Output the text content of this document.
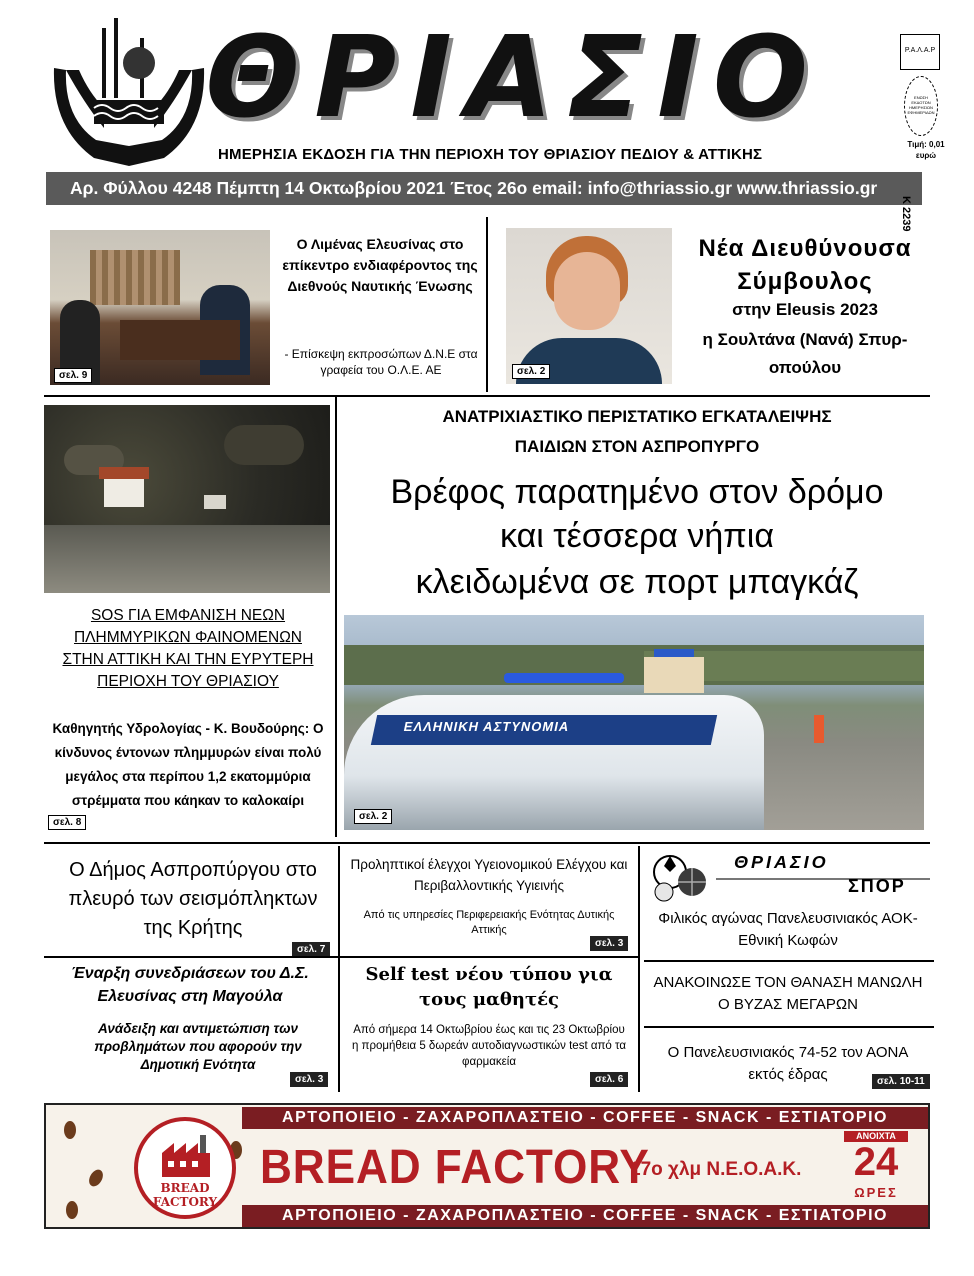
ΘΡΙΑΣΙΟ	Ρ.Α.Λ.Α.Ρ
ΕΝΩΣΗ ΕΚΔΟΤΩΝ ΗΜΕΡΗΣΙΩΝ ΕΦΗΜΕΡΙΔΩΝ
Τιμή: 0,01
ευρώ
ΗΜΕΡΗΣΙΑ ΕΚΔΟΣΗ ΓΙΑ ΤΗΝ ΠΕΡΙΟΧΗ ΤΟΥ ΘΡΙΑΣΙΟΥ ΠΕΔΙΟΥ & ΑΤΤΙΚΗΣ
Αρ. Φύλλου 4248 Πέμπτη 14 Οκτωβρίου 2021 Έτος 26ο email: info@thriassio.gr www.thriassio.gr
Κ 2239
σελ. 9
Ο Λιμένας Ελευσίνας στο επίκεντρο ενδιαφέροντος της Διεθνούς Ναυτικής Ένωσης
- Επίσκεψη εκπροσώπων Δ.Ν.Ε στα γραφεία του Ο.Λ.Ε. ΑΕ	σελ. 2
Νέα Διευθύνουσα Σύμβουλος
στην Eleusis 2023
η Σουλτάνα (Νανά) Σπυρ-
οπούλου
SOS ΓΙΑ ΕΜΦΑΝΙΣΗ ΝΕΩΝ
ΠΛΗΜΜΥΡΙΚΩΝ ΦΑΙΝΟΜΕΝΩΝ
ΣΤΗΝ ΑΤΤΙΚΗ ΚΑΙ ΤΗΝ ΕΥΡΥΤΕΡΗ
ΠΕΡΙΟΧΗ ΤΟΥ ΘΡΙΑΣΙΟΥ
Καθηγητής Υδρολογίας - Κ. Βουδούρης: Ο κίνδυνος έντονων πλημμυρών είναι πολύ μεγάλος στα περίπου 1,2 εκατομμύρια στρέμματα που κάηκαν το καλοκαίρι
σελ. 8
ΑΝΑΤΡΙΧΙΑΣΤΙΚΟ ΠΕΡΙΣΤΑΤΙΚΟ ΕΓΚΑΤΑΛΕΙΨΗΣ
ΠΑΙΔΙΩΝ ΣΤΟΝ ΑΣΠΡΟΠΥΡΓΟ
Βρέφος παρατημένο στον δρόμο
και τέσσερα νήπια
κλειδωμένα σε πορτ μπαγκάζ
ΕΛΛΗΝΙΚΗ ΑΣΤΥΝΟΜΙΑ
σελ. 2
Ο Δήμος Ασπροπύργου στο πλευρό των σεισμόπληκτων της Κρήτης
σελ. 7
Έναρξη συνεδριάσεων του Δ.Σ. Ελευσίνας στη Μαγούλα
Ανάδειξη και αντιμετώπιση των προβλημάτων που αφορούν την Δημοτική Ενότητα
σελ. 3
Προληπτικοί έλεγχοι Υγειονομικού Ελέγχου και Περιβαλλοντικής Υγιεινής
Από τις υπηρεσίες Περιφερειακής Ενότητας Δυτικής Αττικής
σελ. 3
Self test νέου τύπου για τους μαθητές
Από σήμερα 14 Οκτωβρίου έως και τις 23 Οκτωβρίου η προμήθεια 5 δωρεάν αυτοδιαγνωστικών test από τα φαρμακεία
σελ. 6
ΘΡΙΑΣΙΟ
ΣΠΟΡ
Φιλικός αγώνας Πανελευσινιακός ΑΟΚ-Εθνική Κωφών
ΑΝΑΚΟΙΝΩΣΕ ΤΟΝ ΘΑΝΑΣΗ ΜΑΝΩΛΗ Ο ΒΥΖΑΣ ΜΕΓΑΡΩΝ
Ο Πανελευσινιακός 74-52 τον ΑΟΝΑ εκτός έδρας	σελ. 10-11
ΑΡΤΟΠΟΙΕΙΟ - ΖΑΧΑΡΟΠΛΑΣΤΕΙΟ - COFFEE - SNACK - ΕΣΤΙΑΤΟΡΙΟ
ΑΡΤΟΠΟΙΕΙΟ - ΖΑΧΑΡΟΠΛΑΣΤΕΙΟ - COFFEE - SNACK - ΕΣΤΙΑΤΟΡΙΟ
BREAD
FACTORY
BREAD FACTORY
17ο χλμ Ν.Ε.Ο.Α.Κ.
ΑΝΟΙΧΤΑ
24
ΩΡΕΣ
